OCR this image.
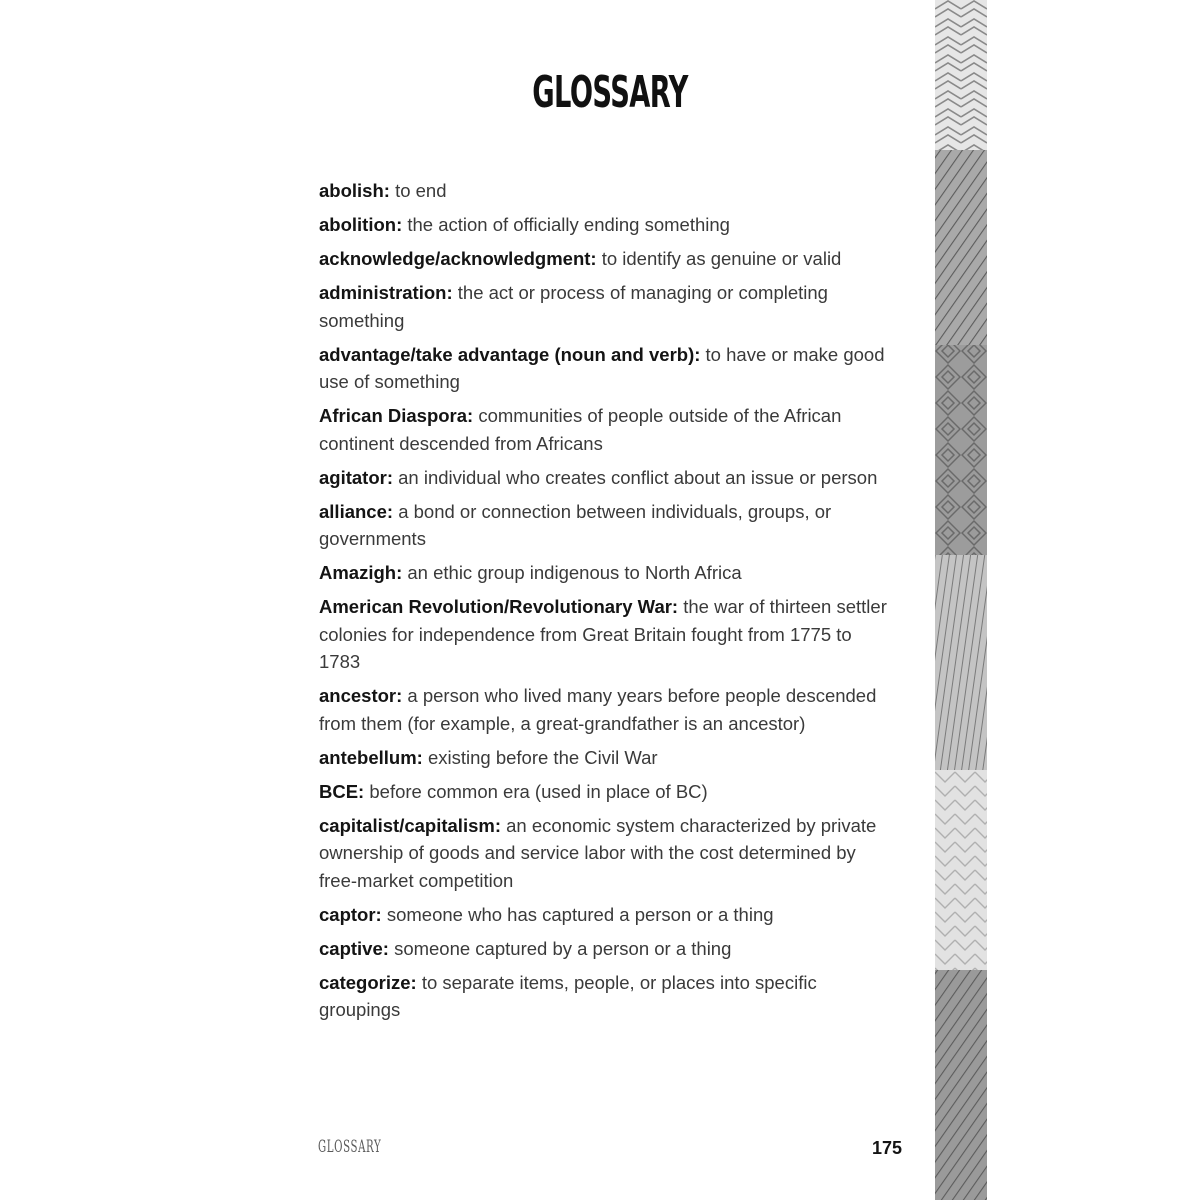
GLOSSARY
abolish: to end
abolition: the action of officially ending something
acknowledge/acknowledgment: to identify as genuine or valid
administration: the act or process of managing or completing something
advantage/take advantage (noun and verb): to have or make good use of something
African Diaspora: communities of people outside of the African continent descended from Africans
agitator: an individual who creates conflict about an issue or person
alliance: a bond or connection between individuals, groups, or governments
Amazigh: an ethic group indigenous to North Africa
American Revolution/Revolutionary War: the war of thirteen settler colonies for independence from Great Britain fought from 1775 to 1783
ancestor: a person who lived many years before people descended from them (for example, a great-grandfather is an ancestor)
antebellum: existing before the Civil War
BCE: before common era (used in place of BC)
capitalist/capitalism: an economic system characterized by private ownership of goods and service labor with the cost determined by free-market competition
captor: someone who has captured a person or a thing
captive: someone captured by a person or a thing
categorize: to separate items, people, or places into specific groupings
GLOSSARY	175
